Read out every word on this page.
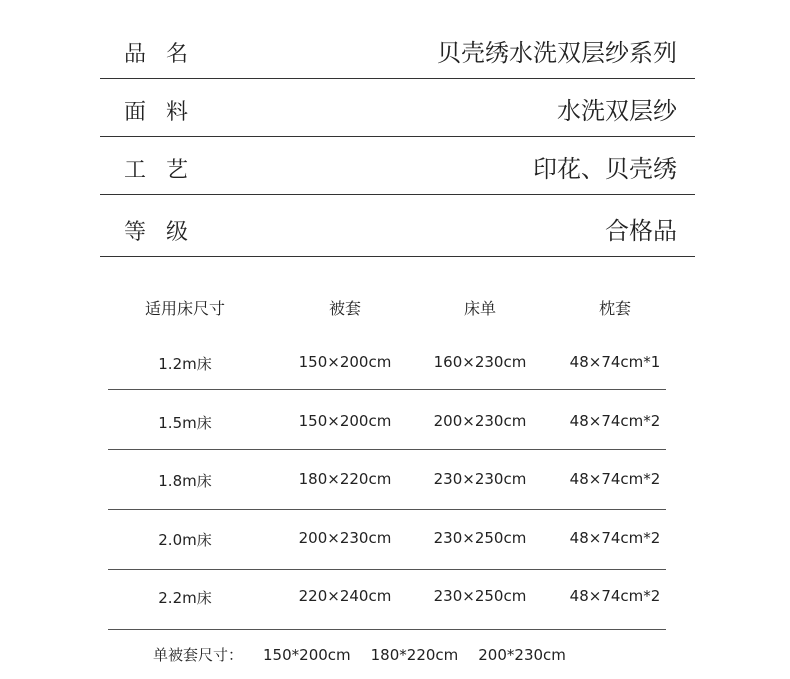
品名	贝壳绣水洗双层纱系列
面料	水洗双层纱
工艺	印花、贝壳绣
等级	合格品
适用床尺寸	被套	床单	枕套
1.2m床	150×200cm	160×230cm	48×74cm*1
1.5m床	150×200cm	200×230cm	48×74cm*2
1.8m床	180×220cm	230×230cm	48×74cm*2
2.0m床	200×230cm	230×250cm	48×74cm*2
2.2m床	220×240cm	230×250cm	48×74cm*2
单被套尺寸： 150*200cm 180*220cm 200*230cm
